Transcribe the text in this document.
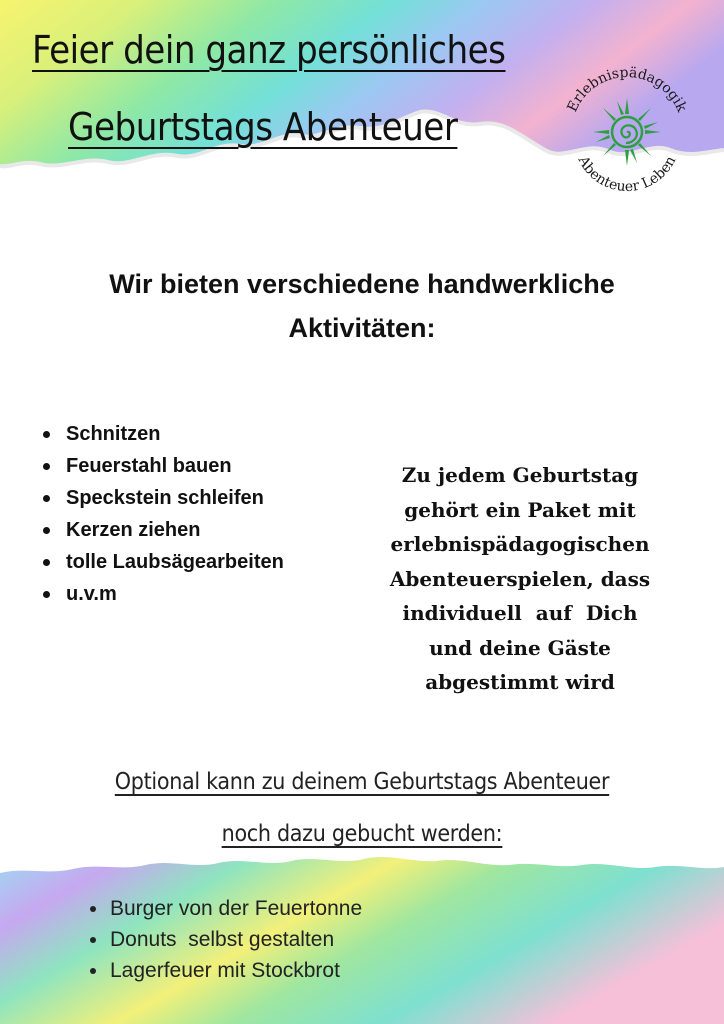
Feier dein ganz persönliches
Geburtstags Abenteuer	Erlebnispädagogik
Abenteuer Leben
Wir bieten verschiedene handwerkliche
Aktivitäten:
Schnitzen
Feuerstahl bauen
Speckstein schleifen
Kerzen ziehen
tolle Laubsägearbeiten
u.v.m
Zu jedem Geburtstag
gehört ein Paket mit
erlebnispädagogischen
Abenteuerspielen, dass
individuell  auf  Dich
und deine Gäste
abgestimmt wird
Optional kann zu deinem Geburtstags Abenteuer
noch dazu gebucht werden:
Burger von der Feuertonne
Donuts  selbst gestalten
Lagerfeuer mit Stockbrot
